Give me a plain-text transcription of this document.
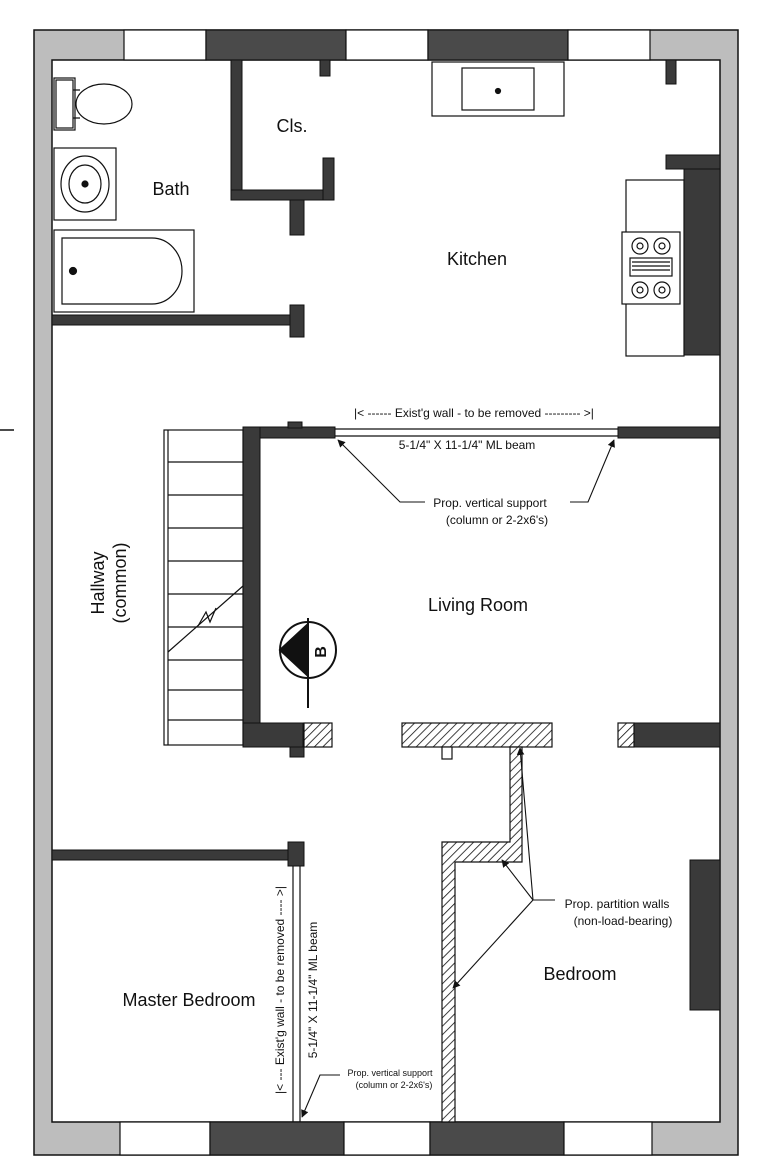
B
Bath
Cls.
Kitchen
Living Room
Master Bedroom
Bedroom
Hallway (common)
|< ------ Exist'g wall - to be removed --------- >|
5-1/4" X 11-1/4" ML beam
Prop. vertical support
(column or 2-2x6's)
Prop. partition walls
(non-load-bearing)
|< --- Exist'g wall - to be removed ---- >| 5-1/4" X 11-1/4" ML beam
Prop. vertical support
(column or 2-2x6's)
